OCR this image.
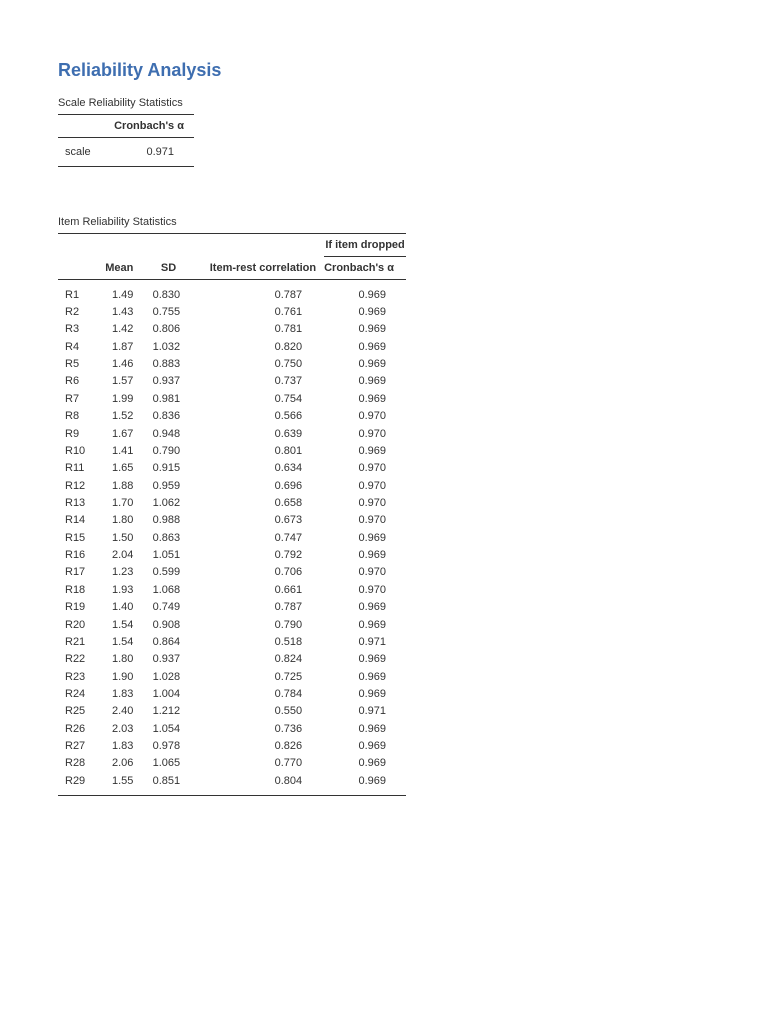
Reliability Analysis
Scale Reliability Statistics
	Cronbach's α
scale	0.971
Item Reliability Statistics
				If item dropped
	Mean	SD	Item-rest correlation	Cronbach's α
R1	1.49	0.830	0.787	0.969
R2	1.43	0.755	0.761	0.969
R3	1.42	0.806	0.781	0.969
R4	1.87	1.032	0.820	0.969
R5	1.46	0.883	0.750	0.969
R6	1.57	0.937	0.737	0.969
R7	1.99	0.981	0.754	0.969
R8	1.52	0.836	0.566	0.970
R9	1.67	0.948	0.639	0.970
R10	1.41	0.790	0.801	0.969
R11	1.65	0.915	0.634	0.970
R12	1.88	0.959	0.696	0.970
R13	1.70	1.062	0.658	0.970
R14	1.80	0.988	0.673	0.970
R15	1.50	0.863	0.747	0.969
R16	2.04	1.051	0.792	0.969
R17	1.23	0.599	0.706	0.970
R18	1.93	1.068	0.661	0.970
R19	1.40	0.749	0.787	0.969
R20	1.54	0.908	0.790	0.969
R21	1.54	0.864	0.518	0.971
R22	1.80	0.937	0.824	0.969
R23	1.90	1.028	0.725	0.969
R24	1.83	1.004	0.784	0.969
R25	2.40	1.212	0.550	0.971
R26	2.03	1.054	0.736	0.969
R27	1.83	0.978	0.826	0.969
R28	2.06	1.065	0.770	0.969
R29	1.55	0.851	0.804	0.969
